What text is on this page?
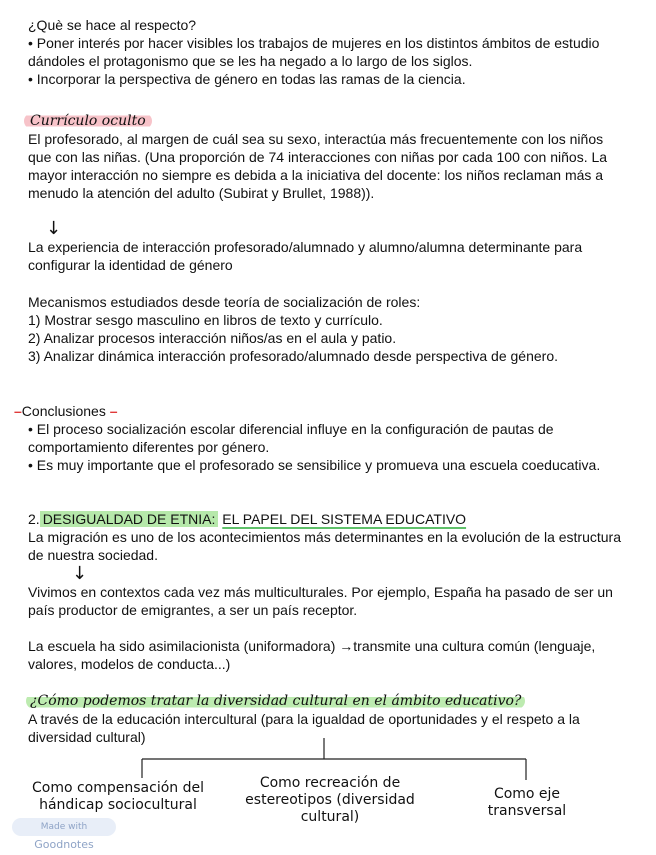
¿Què se hace al respecto?
• Poner interés por hacer visibles los trabajos de mujeres en los distintos ámbitos de estudio dándoles el protagonismo que se les ha negado a lo largo de los siglos.
• Incorporar la perspectiva de género en todas las ramas de la ciencia.
Currículo oculto
El profesorado, al margen de cuál sea su sexo, interactúa más frecuentemente con los niños que con las niñas. (Una proporción de 74 interacciones con niñas por cada 100 con niños. La mayor interacción no siempre es debida a la iniciativa del docente: los niños reclaman más a menudo la atención del adulto (Subirat y Brullet, 1988)).
↓
La experiencia de interacción profesorado/alumnado y alumno/alumna determinante para configurar la identidad de género
Mecanismos estudiados desde teoría de socialización de roles:
1) Mostrar sesgo masculino en libros de texto y currículo.
2) Analizar procesos interacción niños/as en el aula y patio.
3) Analizar dinámica interacción profesorado/alumnado desde perspectiva de género.
–Conclusiones –
• El proceso socialización escolar diferencial influye en la configuración de pautas de comportamiento diferentes por género.
• Es muy importante que el profesorado se sensibilice y promueva una escuela coeducativa.
2. DESIGUALDAD DE ETNIA: EL PAPEL DEL SISTEMA EDUCATIVO
La migración es uno de los acontecimientos más determinantes en la evolución de la estructura de nuestra sociedad.
↓
Vivimos en contextos cada vez más multiculturales. Por ejemplo, España ha pasado de ser un país productor de emigrantes, a ser un país receptor.
La escuela ha sido asimilacionista (uniformadora) →transmite una cultura común (lenguaje, valores, modelos de conducta...)
¿Cómo podemos tratar la diversidad cultural en el ámbito educativo?
A través de la educación intercultural (para la igualdad de oportunidades y el respeto a la diversidad cultural)
Como compensación del hándicap sociocultural
Como recreación de estereotipos (diversidad cultural)
Como eje transversal
Made with Goodnotes
